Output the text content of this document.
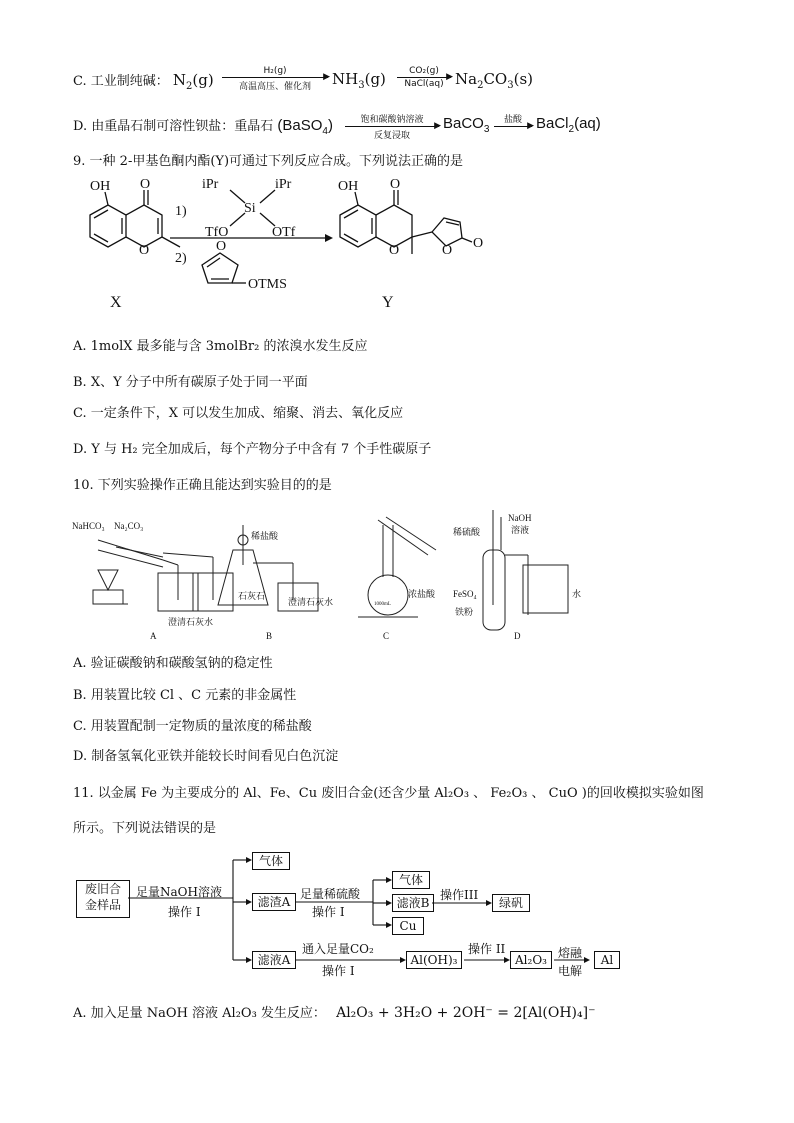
C. 工业制纯碱： $N_2(g)$	H₂(g)
▶
高温高压、催化剂	$NH_3(g)$	CO₂(g)
▶
NaCl(aq) $Na_2CO_3(s)$
D. 由重晶石制可溶性钡盐：重晶石 (BaSO$_4$)	饱和碳酸钠溶液
▶
反复浸取
BaCO$_3$
盐酸
▶ BaCl$_2$(aq)
9. 一种 2-甲基色酮内酯(Y)可通过下列反应合成。下列说法正确的是
OH O
O
OH O
O	O O
1)
2)
iPr	iPr
Si
TfO	OTf
O
OTMS
X	Y
A. 1molX 最多能与含 3molBr₂ 的浓溴水发生反应
B. X、Y 分子中所有碳原子处于同一平面
C. 一定条件下，X 可以发生加成、缩聚、消去、氧化反应
D. Y 与 H₂ 完全加成后，每个产物分子中含有 7 个手性碳原子
10. 下列实验操作正确且能达到实验目的的是
NaHCO₃ Na₂CO₃
澄清石灰水
A
稀盐酸
石灰石
澄清石灰水
B
浓盐酸
1000mL
C
NaOH
溶液
稀硫酸
FeSO₄
铁粉
水
D
A. 验证碳酸钠和碳酸氢钠的稳定性
B. 用装置比较 Cl 、C 元素的非金属性
C. 用装置配制一定物质的量浓度的稀盐酸
D. 制备氢氧化亚铁并能较长时间看见白色沉淀
11. 以金属 Fe 为主要成分的 Al、Fe、Cu 废旧合金(还含少量 Al₂O₃ 、 Fe₂O₃ 、 CuO )的回收模拟实验如图
所示。下列说法错误的是
废旧合
金样品
足量NaOH溶液
操作 I
气体
滤渣A
足量稀硫酸
操作 I
气体
滤液B
操作III
绿矾
Cu
滤液A
通入足量CO₂
操作 I
Al(OH)₃
操作 II
Al₂O₃ 熔融
电解
Al
A. 加入足量 NaOH 溶液 Al₂O₃ 发生反应： Al₂O₃ + 3H₂O + 2OH⁻ = 2[Al(OH)₄]⁻
